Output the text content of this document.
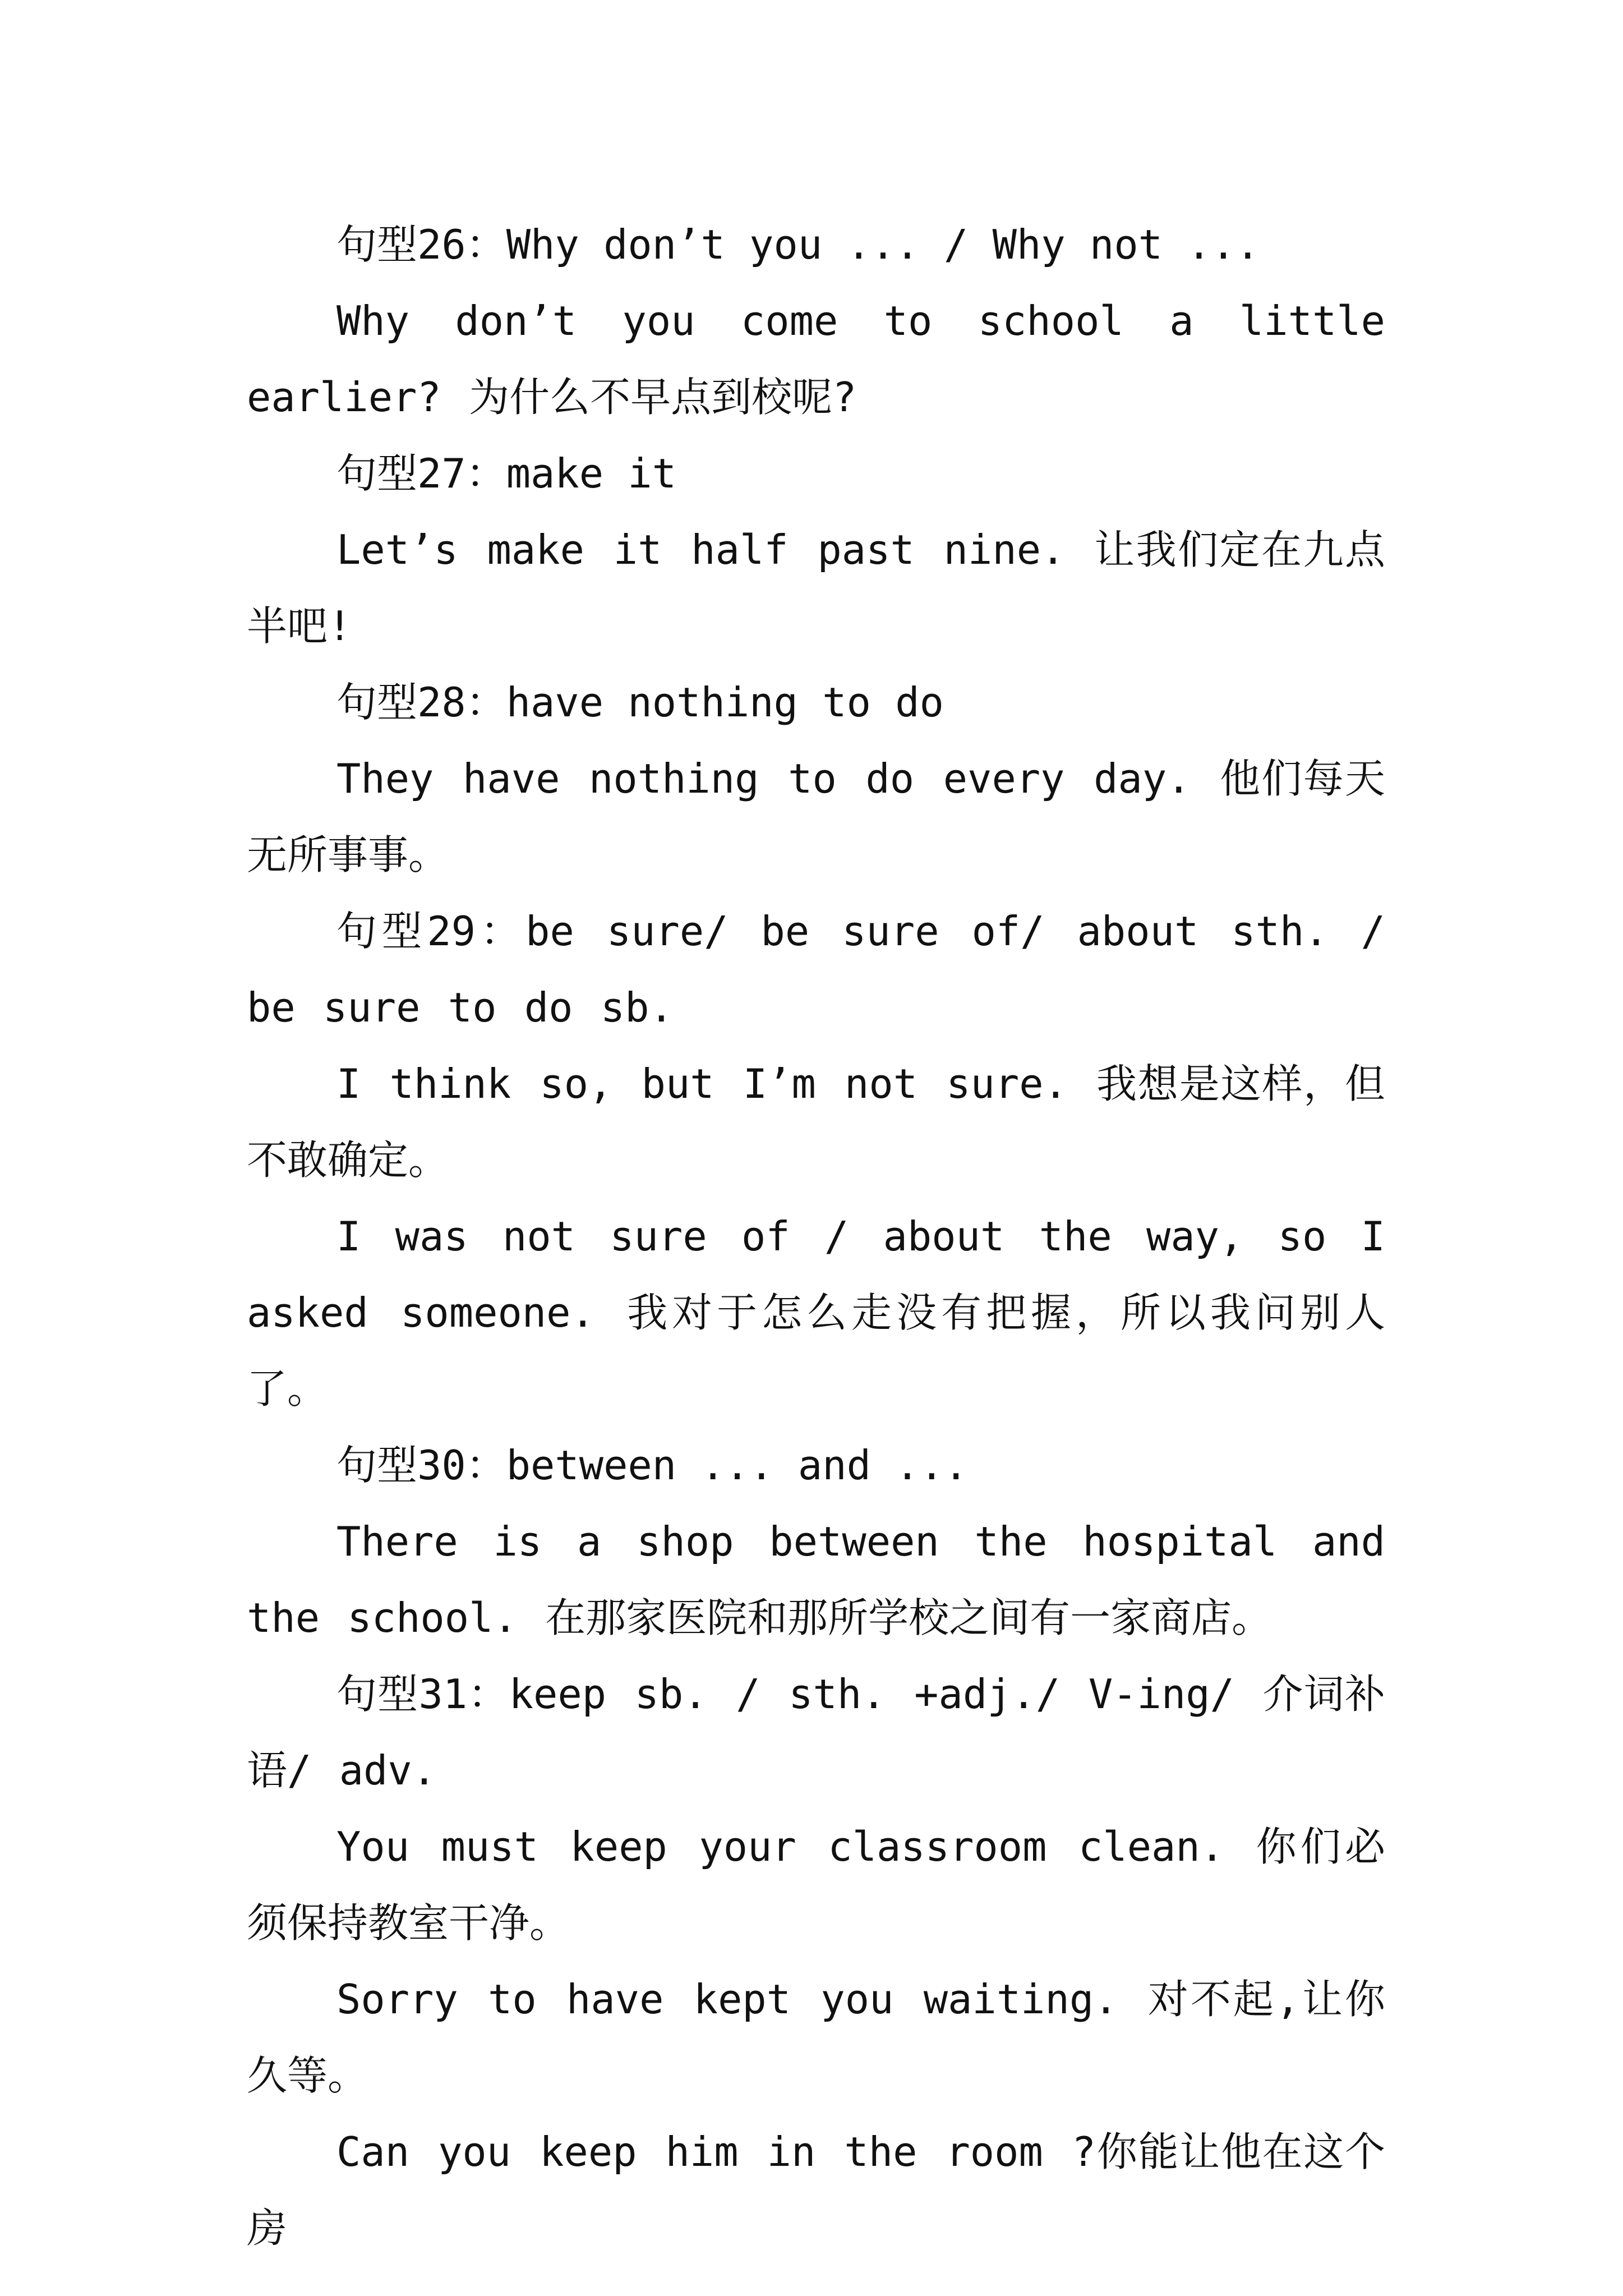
句型26：Why don’t you ... / Why not ...

Why don’t you come to school a little earlier? 为什么不早点到校呢?

句型27：make it

Let’s make it half past nine. 让我们定在九点半吧!

句型28：have nothing to do

They have nothing to do every day. 他们每天无所事事。

句型29：be sure/ be sure of/ about sth. / be sure to do sb.

I think so, but I’m not sure. 我想是这样，但不敢确定。

I was not sure of / about the way, so I asked someone. 我对于怎么走没有把握，所以我问别人了。

句型30：between ... and ...

There is a shop between the hospital and the school. 在那家医院和那所学校之间有一家商店。

句型31：keep sb. / sth. +adj./ V-ing/ 介词补语/ adv.

You must keep your classroom clean. 你们必须保持教室干净。

Sorry to have kept you waiting. 对不起,让你久等。

Can you keep him in the room ?你能让他在这个房
